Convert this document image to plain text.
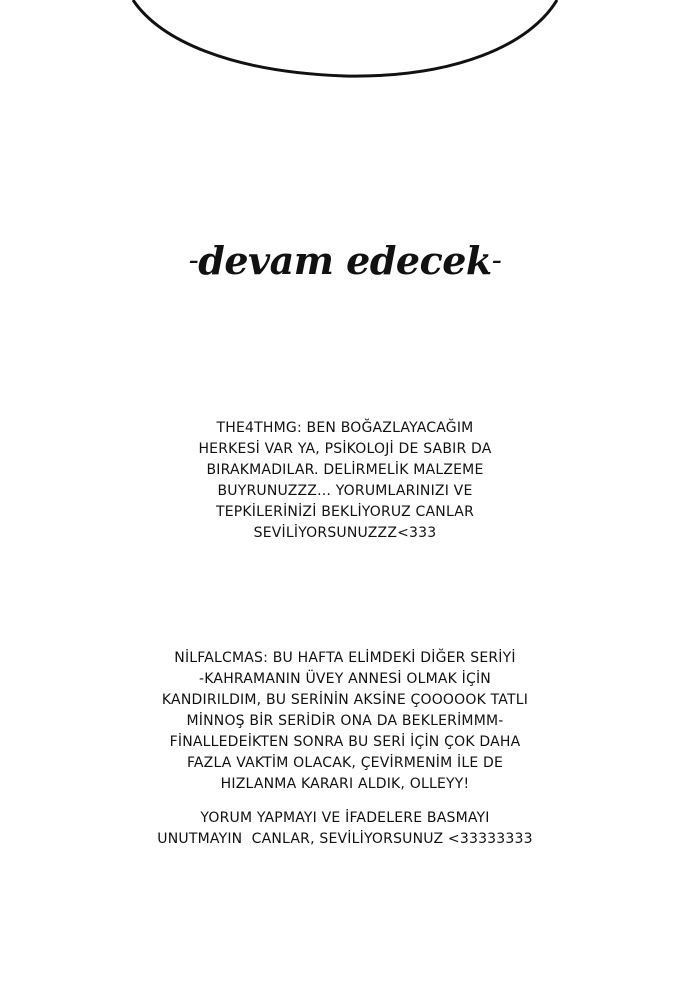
-devam edecek-
THE4THMG: BEN BOĞAZLAYACAĞIM
HERKESİ VAR YA, PSİKOLOJİ DE SABIR DA
BIRAKMADILAR. DELİRMELİK MALZEME
BUYRUNUZZZ... YORUMLARINIZI VE
TEPKİLERİNİZİ BEKLİYORUZ CANLAR
SEVİLİYORSUNUZZZ<333
NİLFALCMAS: BU HAFTA ELİMDEKİ DİĞER SERİYİ
-KAHRAMANIN ÜVEY ANNESİ OLMAK İÇİN
KANDIRILDIM, BU SERİNİN AKSİNE ÇOOOOOK TATLI
MİNNOŞ BİR SERİDİR ONA DA BEKLERİMMM-
FİNALLEDEİKTEN SONRA BU SERİ İÇİN ÇOK DAHA
FAZLA VAKTİM OLACAK, ÇEVİRMENİM İLE DE
HIZLANMA KARARI ALDIK, OLLEYY!
YORUM YAPMAYI VE İFADELERE BASMAYI
UNUTMAYIN  CANLAR, SEVİLİYORSUNUZ <33333333
